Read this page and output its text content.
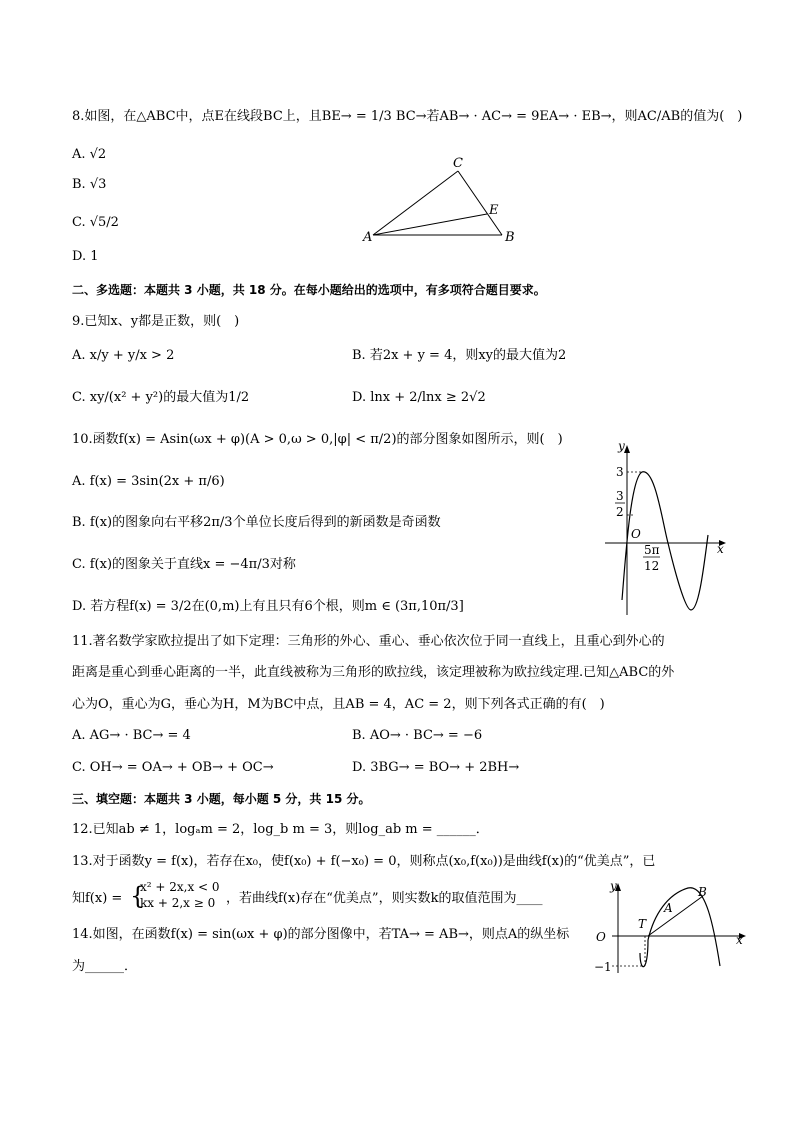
8.如图，在△ABC中，点E在线段BC上，且BE→ = 1/3 BC→若AB→ · AC→ = 9EA→ · EB→，则AC/AB的值为(　)
A. √2
B. √3
C. √5/2
D. 1
A	B
C
E
二、多选题：本题共 3 小题，共 18 分。在每小题给出的选项中，有多项符合题目要求。
9.已知x、y都是正数，则(　)
A. x/y + y/x > 2	B. 若2x + y = 4，则xy的最大值为2
C. xy/(x² + y²)的最大值为1/2	D. lnx + 2/lnx ≥ 2√2
10.函数f(x) = Asin(ωx + φ)(A > 0,ω > 0,|φ| < π/2)的部分图象如图所示，则(　)
A. f(x) = 3sin(2x + π/6)
B. f(x)的图象向右平移2π/3个单位长度后得到的新函数是奇函数
C. f(x)的图象关于直线x = −4π/3对称
D. 若方程f(x) = 3/2在(0,m)上有且只有6个根，则m ∈ (3π,10π/3]
y
x
O
3
3
2
5π
12
11.著名数学家欧拉提出了如下定理：三角形的外心、重心、垂心依次位于同一直线上，且重心到外心的
距离是重心到垂心距离的一半，此直线被称为三角形的欧拉线，该定理被称为欧拉线定理.已知△ABC的外
心为O，重心为G，垂心为H，M为BC中点，且AB = 4，AC = 2，则下列各式正确的有(　)
A. AG→ · BC→ = 4	B. AO→ · BC→ = −6
C. OH→ = OA→ + OB→ + OC→	D. 3BG→ = BO→ + 2BH→
三、填空题：本题共 3 小题，每小题 5 分，共 15 分。
12.已知ab ≠ 1，logₐm = 2，log_b m = 3，则log_ab m = ______．
13.对于函数y = f(x)，若存在x₀，使f(x₀) + f(−x₀) = 0，则称点(x₀,f(x₀))是曲线f(x)的“优美点”，已
知f(x) = {
x² + 2x,x < 0
kx + 2,x ≥ 0 ，若曲线f(x)存在“优美点”，则实数k的取值范围为____
14.如图，在函数f(x) = sin(ωx + φ)的部分图像中，若TA→ = AB→，则点A的纵坐标
为______．
y
x
O
T
A
B
−1
